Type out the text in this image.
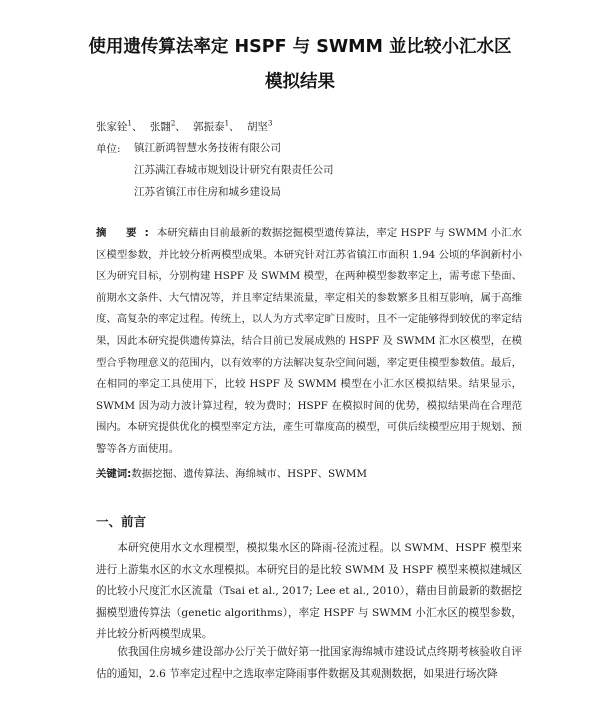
使用遗传算法率定 HSPF 与 SWMM 並比较小汇水区
模拟结果
张家铨$^1$、 张翾$^2$、 郭振泰$^1$、 胡坚$^3$
单位: 镇江新鸿智慧水务技術有限公司
江苏满江春城市规划设计研究有限责任公司
江苏省镇江市住房和城乡建设局
摘 要:本研究藉由目前最新的数据挖掘模型遗传算法，率定 HSPF 与 SWMM 小汇水区模型参数，并比较分析两模型成果。本研究针对江苏省镇江市面积 1.94 公顷的华润新村小区为研究目标，分别构建 HSPF 及 SWMM 模型，在两种模型参数率定上，需考虑下垫面、前期水文条件、大气情况等，并且率定结果流量，率定相关的参数繁多且相互影响，属于高维度、高复杂的率定过程。传统上，以人为方式率定旷日废时，且不一定能够得到较优的率定结果，因此本研究提供遗传算法，结合目前已发展成熟的 HSPF 及 SWMM 汇水区模型，在模型合乎物理意义的范围内，以有效率的方法解决复杂空间问题，率定更佳模型参数值。最后，在相同的率定工具使用下，比较 HSPF 及 SWMM 模型在小汇水区模拟结果。结果显示，SWMM 因为动力波计算过程，较为费时；HSPF 在模拟时间的优势，模拟结果尚在合理范围内。本研究提供优化的模型率定方法，產生可靠度高的模型，可供后续模型应用于规划、预警等各方面使用。
关键词:数据挖掘、遗传算法、海绵城市、HSPF、SWMM
一、前言
本研究使用水文水理模型，模拟集水区的降雨-径流过程。以 SWMM、HSPF 模型来进行上游集水区的水文水理模拟。本研究目的是比较 SWMM 及 HSPF 模型来模拟建城区的比较小尺度汇水区流量（Tsai et al., 2017; Lee et al., 2010），藉由目前最新的数据挖掘模型遗传算法（genetic algorithms），率定 HSPF 与 SWMM 小汇水区的模型参数，并比较分析两模型成果。
依我国住房城乡建设部办公厅关于做好第一批国家海绵城市建设试点终期考核验收自评估的通知，2.6 节率定过程中之选取率定降雨事件数据及其观测数据，如果进行场次降
